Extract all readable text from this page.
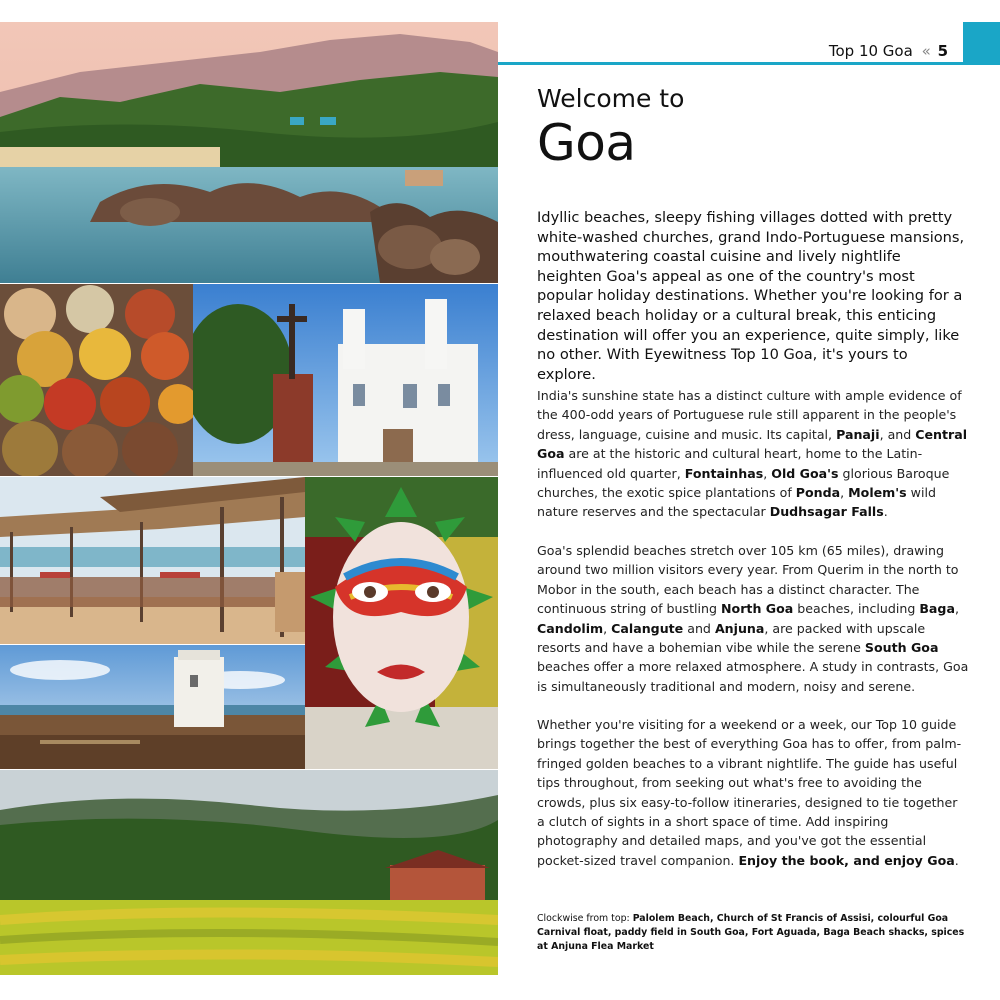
Top 10 Goa « 5
Welcome to
Goa
Idyllic beaches, sleepy fishing villages dotted with pretty white-washed churches, grand Indo-Portuguese mansions, mouthwatering coastal cuisine and lively nightlife heighten Goa's appeal as one of the country's most popular holiday destinations. Whether you're looking for a relaxed beach holiday or a cultural break, this enticing destination will offer you an experience, quite simply, like no other. With Eyewitness Top 10 Goa, it's yours to explore.
India's sunshine state has a distinct culture with ample evidence of the 400-odd years of Portuguese rule still apparent in the people's dress, language, cuisine and music. Its capital, Panaji, and Central Goa are at the historic and cultural heart, home to the Latin-influenced old quarter, Fontainhas, Old Goa's glorious Baroque churches, the exotic spice plantations of Ponda, Molem's wild nature reserves and the spectacular Dudhsagar Falls.
Goa's splendid beaches stretch over 105 km (65 miles), drawing around two million visitors every year. From Querim in the north to Mobor in the south, each beach has a distinct character. The continuous string of bustling North Goa beaches, including Baga, Candolim, Calangute and Anjuna, are packed with upscale resorts and have a bohemian vibe while the serene South Goa beaches offer a more relaxed atmosphere. A study in contrasts, Goa is simultaneously traditional and modern, noisy and serene.
Whether you're visiting for a weekend or a week, our Top 10 guide brings together the best of everything Goa has to offer, from palm-fringed golden beaches to a vibrant nightlife. The guide has useful tips throughout, from seeking out what's free to avoiding the crowds, plus six easy-to-follow itineraries, designed to tie together a clutch of sights in a short space of time. Add inspiring photography and detailed maps, and you've got the essential pocket-sized travel companion. Enjoy the book, and enjoy Goa.
Clockwise from top: Palolem Beach, Church of St Francis of Assisi, colourful Goa Carnival float, paddy field in South Goa, Fort Aguada, Baga Beach shacks, spices at Anjuna Flea Market
